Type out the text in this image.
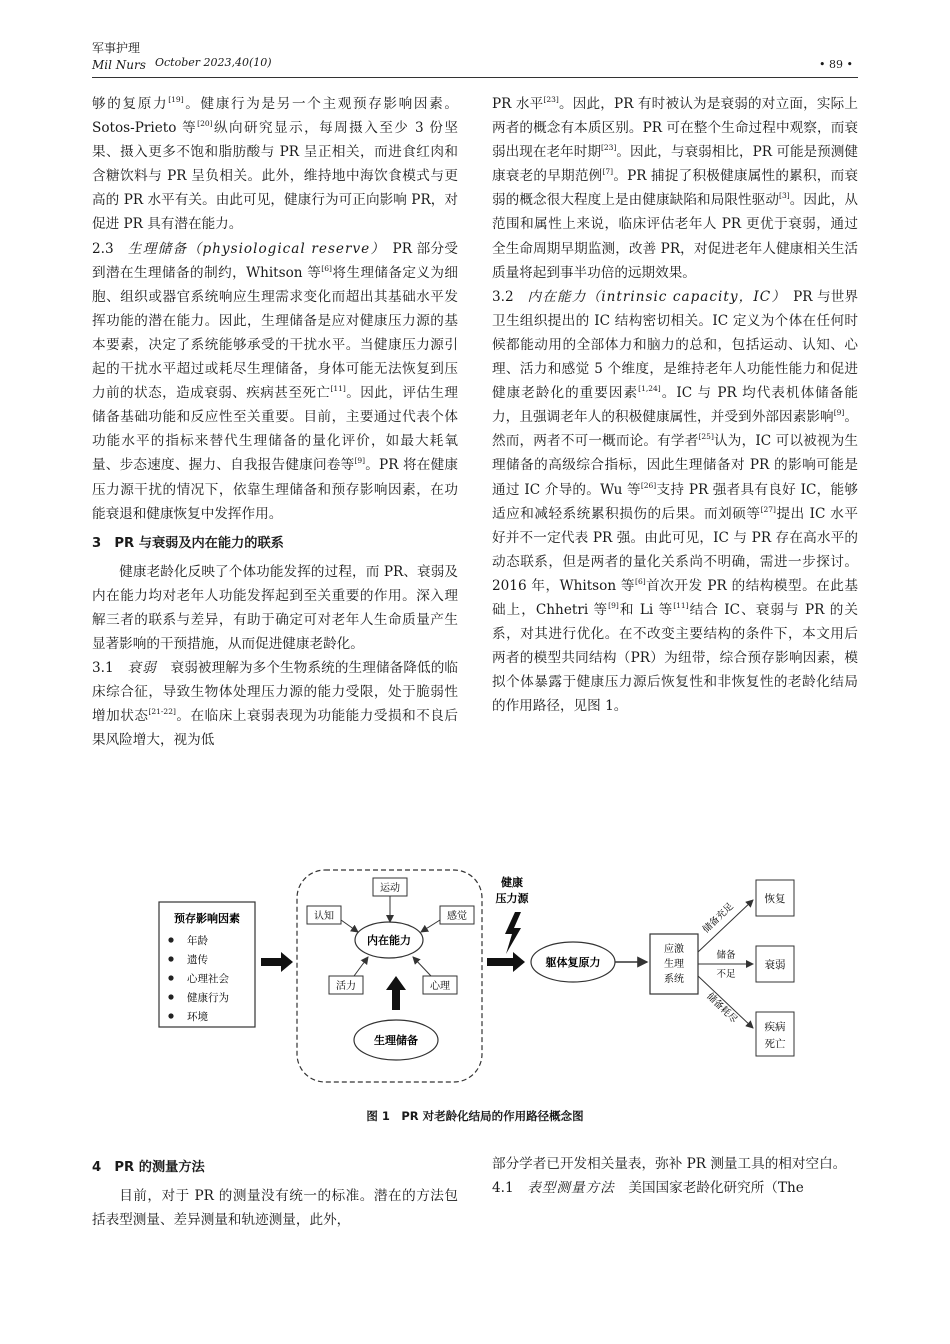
军事护理
Mil Nurs October 2023,40(10)	• 89 •

够的复原力[19]。健康行为是另一个主观预存影响因素。Sotos-Prieto 等[20]纵向研究显示，每周摄入至少 3 份坚果、摄入更多不饱和脂肪酸与 PR 呈正相关，而进食红肉和含糖饮料与 PR 呈负相关。此外，维持地中海饮食模式与更高的 PR 水平有关。由此可见，健康行为可正向影响 PR，对促进 PR 具有潜在能力。

2.3　 生理储备（physiological reserve）　 PR 部分受到潜在生理储备的制约，Whitson 等[6]将生理储备定义为细胞、组织或器官系统响应生理需求变化而超出其基础水平发挥功能的潜在能力。因此，生理储备是应对健康压力源的基本要素，决定了系统能够承受的干扰水平。当健康压力源引起的干扰水平超过或耗尽生理储备，身体可能无法恢复到压力前的状态，造成衰弱、疾病甚至死亡[11]。因此，评估生理储备基础功能和反应性至关重要。目前，主要通过代表个体功能水平的指标来替代生理储备的量化评价，如最大耗氧量、步态速度、握力、自我报告健康问卷等[9]。PR 将在健康压力源干扰的情况下，依靠生理储备和预存影响因素，在功能衰退和健康恢复中发挥作用。

3　PR 与衰弱及内在能力的联系

健康老龄化反映了个体功能发挥的过程，而 PR、衰弱及内在能力均对老年人功能发挥起到至关重要的作用。深入理解三者的联系与差异，有助于确定可对老年人生命质量产生显著影响的干预措施，从而促进健康老龄化。

3.1　 衰弱　 衰弱被理解为多个生物系统的生理储备降低的临床综合征，导致生物体处理压力源的能力受限，处于脆弱性增加状态[21-22]。在临床上衰弱表现为功能能力受损和不良后果风险增大，视为低

PR 水平[23]。因此，PR 有时被认为是衰弱的对立面，实际上两者的概念有本质区别。PR 可在整个生命过程中观察，而衰弱出现在老年时期[23]。因此，与衰弱相比，PR 可能是预测健康衰老的早期范例[7]。PR 捕捉了积极健康属性的累积，而衰弱的概念很大程度上是由健康缺陷和局限性驱动[3]。因此，从范围和属性上来说，临床评估老年人 PR 更优于衰弱，通过全生命周期早期监测，改善 PR，对促进老年人健康相关生活质量将起到事半功倍的远期效果。

3.2　 内在能力（intrinsic capacity，IC）　 PR 与世界卫生组织提出的 IC 结构密切相关。IC 定义为个体在任何时候都能动用的全部体力和脑力的总和，包括运动、认知、心理、活力和感觉 5 个维度，是维持老年人功能性能力和促进健康老龄化的重要因素[1,24]。IC 与 PR 均代表机体储备能力，且强调老年人的积极健康属性，并受到外部因素影响[9]。然而，两者不可一概而论。有学者[25]认为，IC 可以被视为生理储备的高级综合指标，因此生理储备对 PR 的影响可能是通过 IC 介导的。Wu 等[26]支持 PR 强者具有良好 IC，能够适应和减轻系统累积损伤的后果。而刘硕等[27]提出 IC 水平好并不一定代表 PR 强。由此可见，IC 与 PR 存在高水平的动态联系，但是两者的量化关系尚不明确，需进一步探讨。2016 年，Whitson 等[6]首次开发 PR 的结构模型。在此基础上，Chhetri 等[9]和 Li 等[11]结合 IC、衰弱与 PR 的关系，对其进行优化。在不改变主要结构的条件下，本文用后两者的模型共同结构（PR）为纽带，综合预存影响因素，模拟个体暴露于健康压力源后恢复性和非恢复性的老龄化结局的作用路径，见图 1。

预存影响因素
年龄
遗传
心理社会
健康行为
环境
内在能力
运动
认知	感觉
活力	心理
生理储备
健康
压力源
躯体复原力
应激
生理
系统
储备充足
储备
不足
储备耗尽
恢复
衰弱
疾病
死亡
图 1　PR 对老龄化结局的作用路径概念图

4　PR 的测量方法

目前，对于 PR 的测量没有统一的标准。潜在的方法包括表型测量、差异测量和轨迹测量，此外，

部分学者已开发相关量表，弥补 PR 测量工具的相对空白。

4.1　 表型测量方法　 美国国家老龄化研究所（The
